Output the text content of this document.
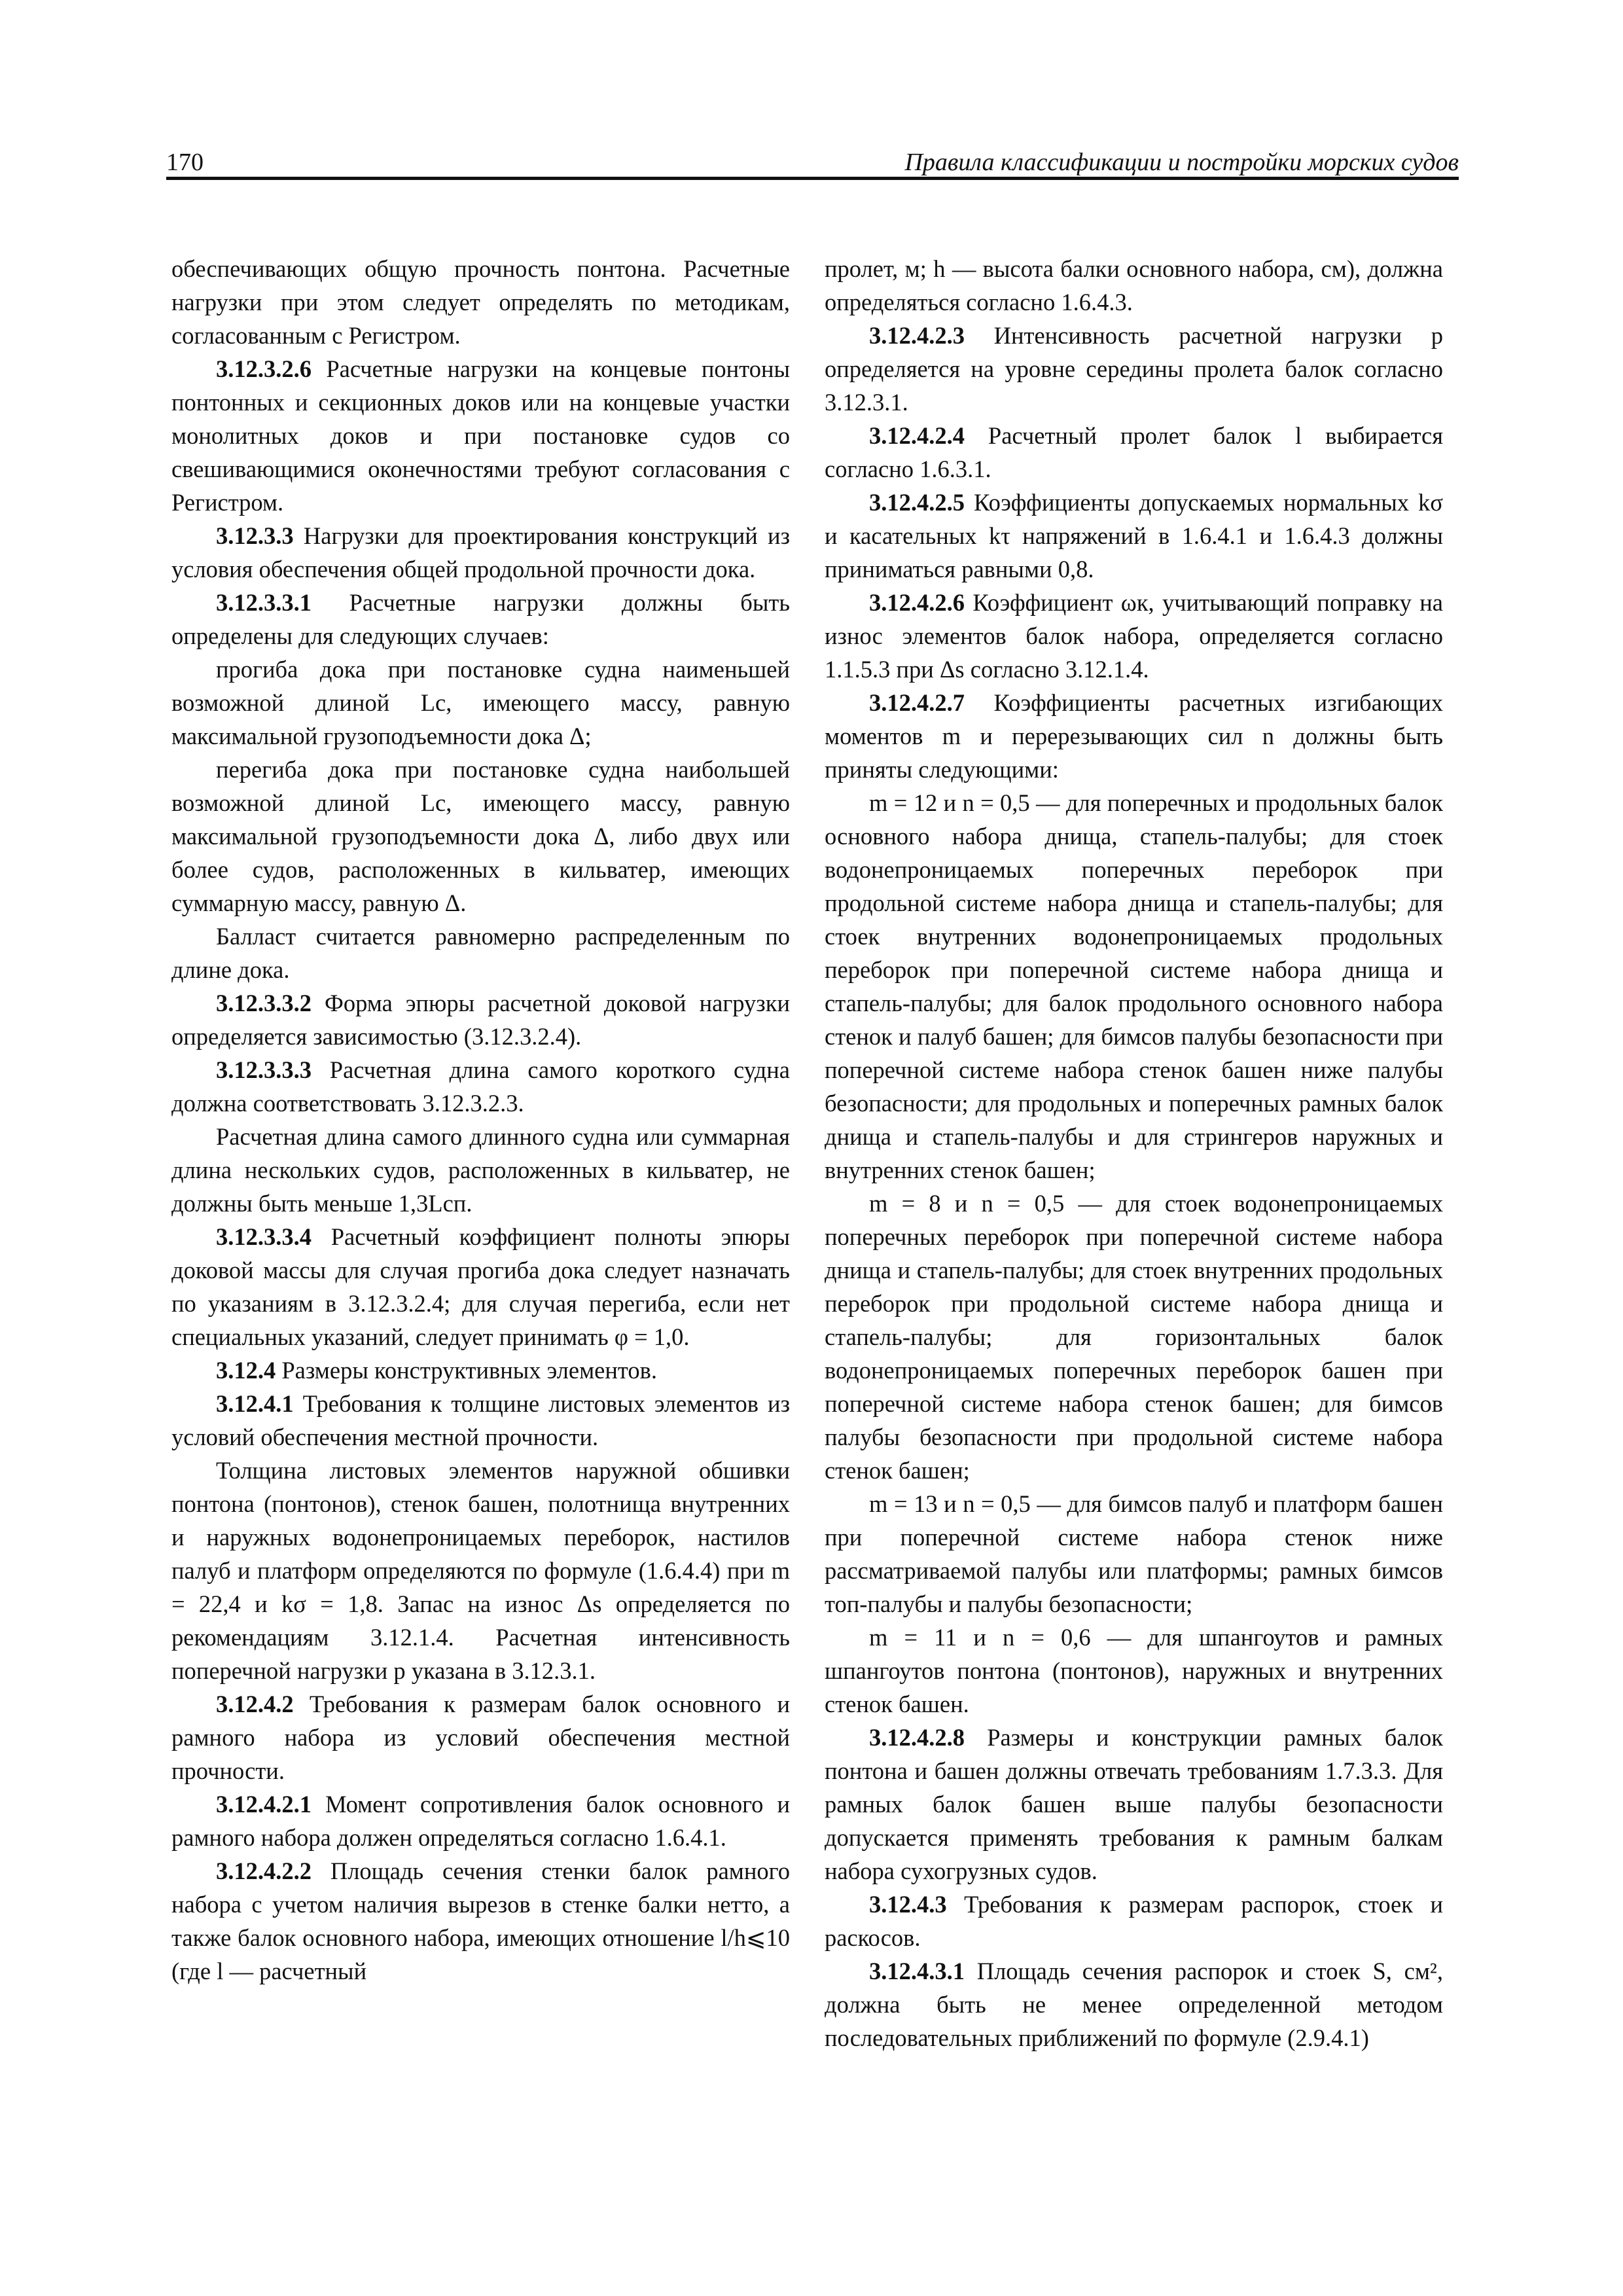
170	Правила классификации и постройки морских судов

обеспечивающих общую прочность понтона. Расчетные нагрузки при этом следует определять по методикам, согласованным с Регистром.

3.12.3.2.6 Расчетные нагрузки на концевые понтоны понтонных и секционных доков или на концевые участки монолитных доков и при постановке судов со свешивающимися оконечностями требуют согласования с Регистром.

3.12.3.3 Нагрузки для проектирования конструкций из условия обеспечения общей продольной прочности дока.

3.12.3.3.1 Расчетные нагрузки должны быть определены для следующих случаев:

прогиба дока при постановке судна наименьшей возможной длиной Lс, имеющего массу, равную максимальной грузоподъемности дока Δ;

перегиба дока при постановке судна наибольшей возможной длиной Lс, имеющего массу, равную максимальной грузоподъемности дока Δ, либо двух или более судов, расположенных в кильватер, имеющих суммарную массу, равную Δ.

Балласт считается равномерно распределенным по длине дока.

3.12.3.3.2 Форма эпюры расчетной доковой нагрузки определяется зависимостью (3.12.3.2.4).

3.12.3.3.3 Расчетная длина самого короткого судна должна соответствовать 3.12.3.2.3.

Расчетная длина самого длинного судна или суммарная длина нескольких судов, расположенных в кильватер, не должны быть меньше 1,3Lсп.

3.12.3.3.4 Расчетный коэффициент полноты эпюры доковой массы для случая прогиба дока следует назначать по указаниям в 3.12.3.2.4; для случая перегиба, если нет специальных указаний, следует принимать φ = 1,0.

3.12.4 Размеры конструктивных элементов.

3.12.4.1 Требования к толщине листовых элементов из условий обеспечения местной прочности.

Толщина листовых элементов наружной обшивки понтона (понтонов), стенок башен, полотнища внутренних и наружных водонепроницаемых переборок, настилов палуб и платформ определяются по формуле (1.6.4.4) при m = 22,4 и kσ = 1,8. Запас на износ Δs определяется по рекомендациям 3.12.1.4. Расчетная интенсивность поперечной нагрузки p указана в 3.12.3.1.

3.12.4.2 Требования к размерам балок основного и рамного набора из условий обеспечения местной прочности.

3.12.4.2.1 Момент сопротивления балок основного и рамного набора должен определяться согласно 1.6.4.1.

3.12.4.2.2 Площадь сечения стенки балок рамного набора с учетом наличия вырезов в стенке балки нетто, а также балок основного набора, имеющих отношение l/h⩽10 (где l — расчетный

пролет, м; h — высота балки основного набора, см), должна определяться согласно 1.6.4.3.

3.12.4.2.3 Интенсивность расчетной нагрузки p определяется на уровне середины пролета балок согласно 3.12.3.1.

3.12.4.2.4 Расчетный пролет балок l выбирается согласно 1.6.3.1.

3.12.4.2.5 Коэффициенты допускаемых нормальных kσ и касательных kτ напряжений в 1.6.4.1 и 1.6.4.3 должны приниматься равными 0,8.

3.12.4.2.6 Коэффициент ωк, учитывающий поправку на износ элементов балок набора, определяется согласно 1.1.5.3 при Δs согласно 3.12.1.4.

3.12.4.2.7 Коэффициенты расчетных изгибающих моментов m и перерезывающих сил n должны быть приняты следующими:

m = 12 и n = 0,5 — для поперечных и продольных балок основного набора днища, стапель-палубы; для стоек водонепроницаемых поперечных переборок при продольной системе набора днища и стапель-палубы; для стоек внутренних водонепроницаемых продольных переборок при поперечной системе набора днища и стапель-палубы; для балок продольного основного набора стенок и палуб башен; для бимсов палубы безопасности при поперечной системе набора стенок башен ниже палубы безопасности; для продольных и поперечных рамных балок днища и стапель-палубы и для стрингеров наружных и внутренних стенок башен;

m = 8 и n = 0,5 — для стоек водонепроницаемых поперечных переборок при поперечной системе набора днища и стапель-палубы; для стоек внутренних продольных переборок при продольной системе набора днища и стапель-палубы; для горизонтальных балок водонепроницаемых поперечных переборок башен при поперечной системе набора стенок башен; для бимсов палубы безопасности при продольной системе набора стенок башен;

m = 13 и n = 0,5 — для бимсов палуб и платформ башен при поперечной системе набора стенок ниже рассматриваемой палубы или платформы; рамных бимсов топ-палубы и палубы безопасности;

m = 11 и n = 0,6 — для шпангоутов и рамных шпангоутов понтона (понтонов), наружных и внутренних стенок башен.

3.12.4.2.8 Размеры и конструкции рамных балок понтона и башен должны отвечать требованиям 1.7.3.3. Для рамных балок башен выше палубы безопасности допускается применять требования к рамным балкам набора сухогрузных судов.

3.12.4.3 Требования к размерам распорок, стоек и раскосов.

3.12.4.3.1 Площадь сечения распорок и стоек S, см², должна быть не менее определенной методом последовательных приближений по формуле (2.9.4.1)
